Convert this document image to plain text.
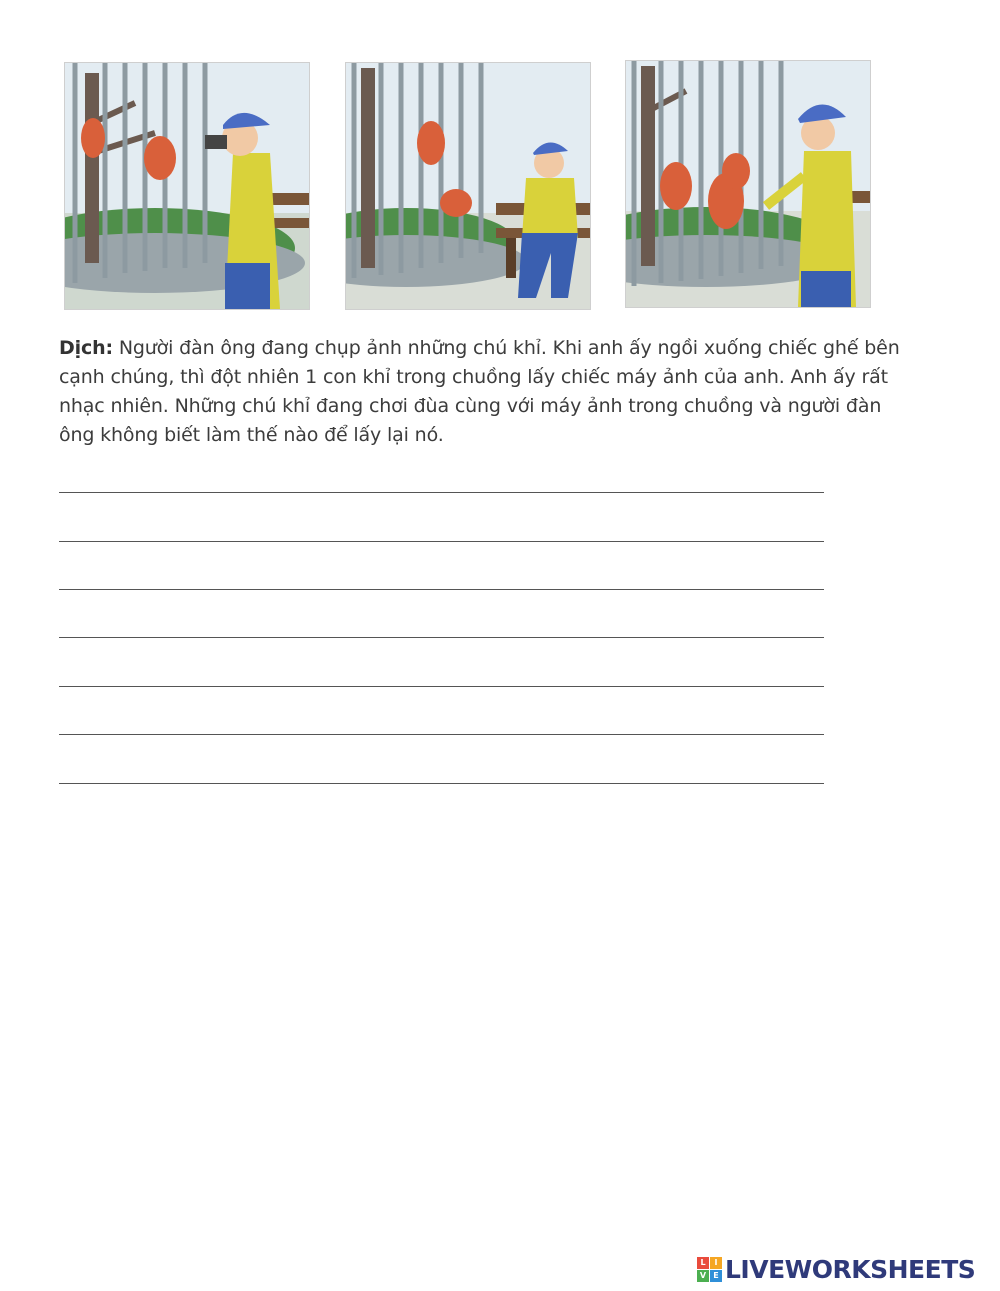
Dịch: Người đàn ông đang chụp ảnh những chú khỉ. Khi anh ấy ngồi xuống chiếc ghế bên
cạnh chúng, thì đột nhiên 1 con khỉ trong chuồng lấy chiếc máy ảnh của anh. Anh ấy rất
nhạc nhiên. Những chú khỉ đang chơi đùa cùng với máy ảnh trong chuồng và người đàn
ông không biết làm thế nào để lấy lại nó.
L	I
V E LIVEWORKSHEETS
